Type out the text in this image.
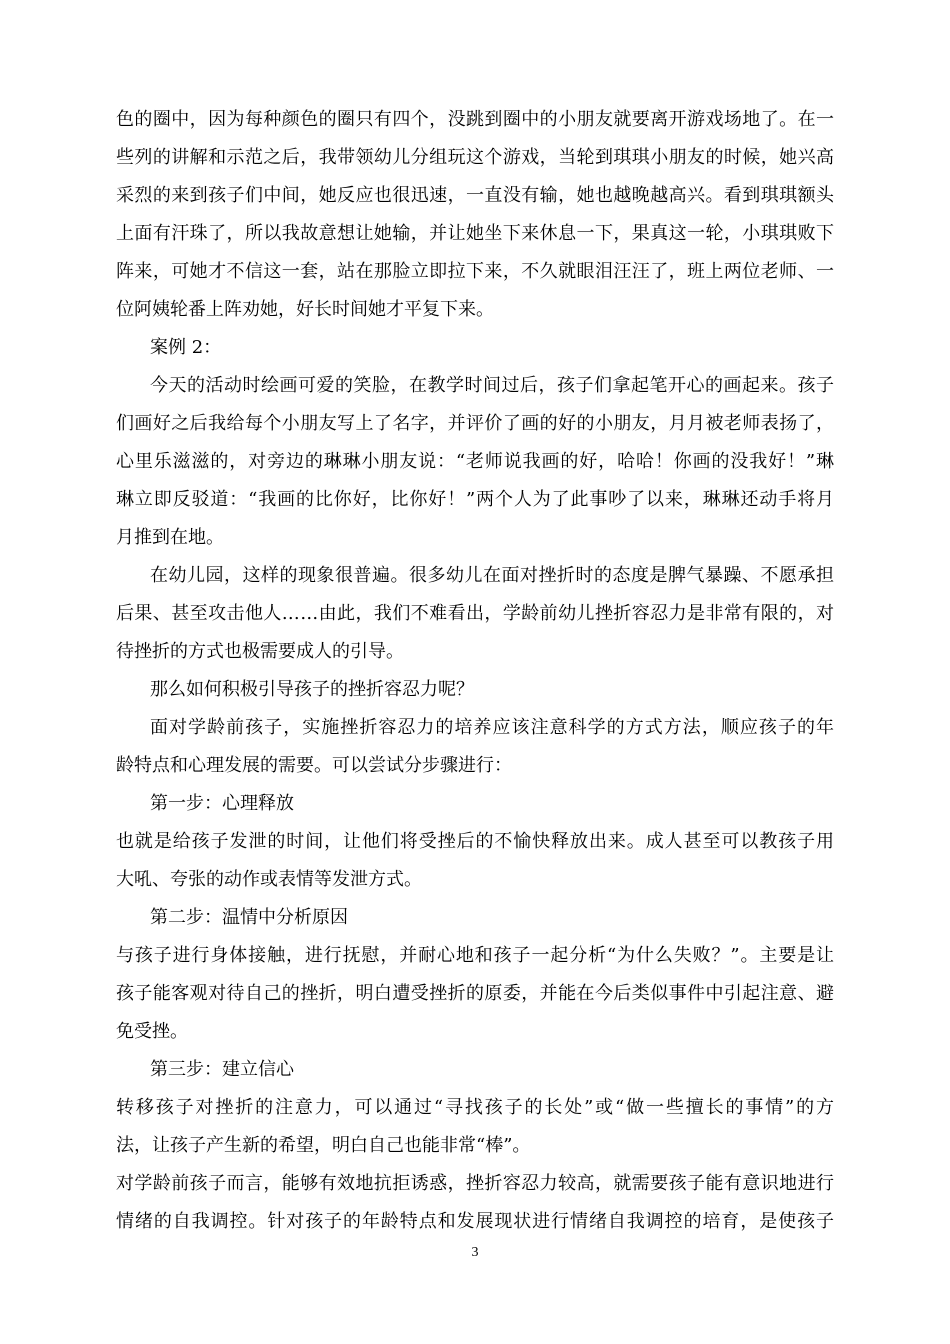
色的圈中，因为每种颜色的圈只有四个，没跳到圈中的小朋友就要离开游戏场地了。在一
些列的讲解和示范之后，我带领幼儿分组玩这个游戏，当轮到琪琪小朋友的时候，她兴高
采烈的来到孩子们中间，她反应也很迅速，一直没有输，她也越晚越高兴。看到琪琪额头
上面有汗珠了，所以我故意想让她输，并让她坐下来休息一下，果真这一轮，小琪琪败下
阵来，可她才不信这一套，站在那脸立即拉下来，不久就眼泪汪汪了，班上两位老师、一
位阿姨轮番上阵劝她，好长时间她才平复下来。
案例 2：
今天的活动时绘画可爱的笑脸，在教学时间过后，孩子们拿起笔开心的画起来。孩子
们画好之后我给每个小朋友写上了名字，并评价了画的好的小朋友，月月被老师表扬了，
心里乐滋滋的，对旁边的琳琳小朋友说：“老师说我画的好，哈哈！你画的没我好！”琳
琳立即反驳道：“我画的比你好，比你好！”两个人为了此事吵了以来，琳琳还动手将月
月推到在地。
在幼儿园，这样的现象很普遍。很多幼儿在面对挫折时的态度是脾气暴躁、不愿承担
后果、甚至攻击他人……由此，我们不难看出，学龄前幼儿挫折容忍力是非常有限的，对
待挫折的方式也极需要成人的引导。
那么如何积极引导孩子的挫折容忍力呢？
面对学龄前孩子，实施挫折容忍力的培养应该注意科学的方式方法，顺应孩子的年
龄特点和心理发展的需要。可以尝试分步骤进行：
第一步：心理释放
也就是给孩子发泄的时间，让他们将受挫后的不愉快释放出来。成人甚至可以教孩子用
大吼、夸张的动作或表情等发泄方式。
第二步：温情中分析原因
与孩子进行身体接触，进行抚慰，并耐心地和孩子一起分析“为什么失败？”。主要是让
孩子能客观对待自己的挫折，明白遭受挫折的原委，并能在今后类似事件中引起注意、避
免受挫。
第三步：建立信心
转移孩子对挫折的注意力，可以通过“寻找孩子的长处”或“做一些擅长的事情”的方
法，让孩子产生新的希望，明白自己也能非常“棒”。
对学龄前孩子而言，能够有效地抗拒诱惑，挫折容忍力较高，就需要孩子能有意识地进行
情绪的自我调控。针对孩子的年龄特点和发展现状进行情绪自我调控的培育，是使孩子
3
